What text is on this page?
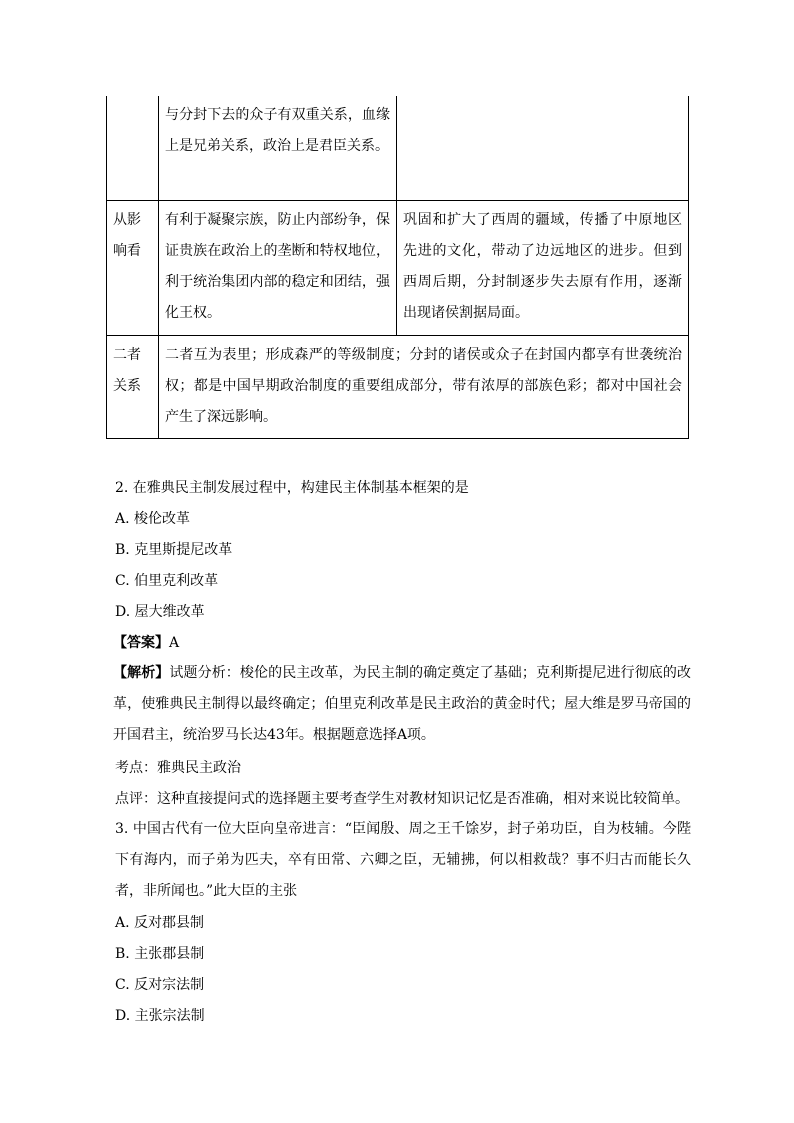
	与分封下去的众子有双重关系，血缘上是兄弟关系，政治上是君臣关系。	
从影响看	有利于凝聚宗族，防止内部纷争，保证贵族在政治上的垄断和特权地位，利于统治集团内部的稳定和团结，强化王权。	巩固和扩大了西周的疆域，传播了中原地区先进的文化，带动了边远地区的进步。但到西周后期，分封制逐步失去原有作用，逐渐出现诸侯割据局面。
二者关系	二者互为表里；形成森严的等级制度；分封的诸侯或众子在封国内都享有世袭统治权；都是中国早期政治制度的重要组成部分，带有浓厚的部族色彩；都对中国社会产生了深远影响。	
2. 在雅典民主制发展过程中，构建民主体制基本框架的是
A. 梭伦改革
B. 克里斯提尼改革
C. 伯里克利改革
D. 屋大维改革
【答案】A
【解析】试题分析：梭伦的民主改革，为民主制的确定奠定了基础；克利斯提尼进行彻底的改革，使雅典民主制得以最终确定；伯里克利改革是民主政治的黄金时代；屋大维是罗马帝国的开国君主，统治罗马长达43年。根据题意选择A项。
考点：雅典民主政治
点评：这种直接提问式的选择题主要考查学生对教材知识记忆是否准确，相对来说比较简单。
3. 中国古代有一位大臣向皇帝进言：“臣闻殷、周之王千馀岁，封子弟功臣，自为枝辅。今陛下有海内，而子弟为匹夫，卒有田常、六卿之臣，无辅拂，何以相救哉？事不归古而能长久者，非所闻也。”此大臣的主张
A. 反对郡县制
B. 主张郡县制
C. 反对宗法制
D. 主张宗法制
